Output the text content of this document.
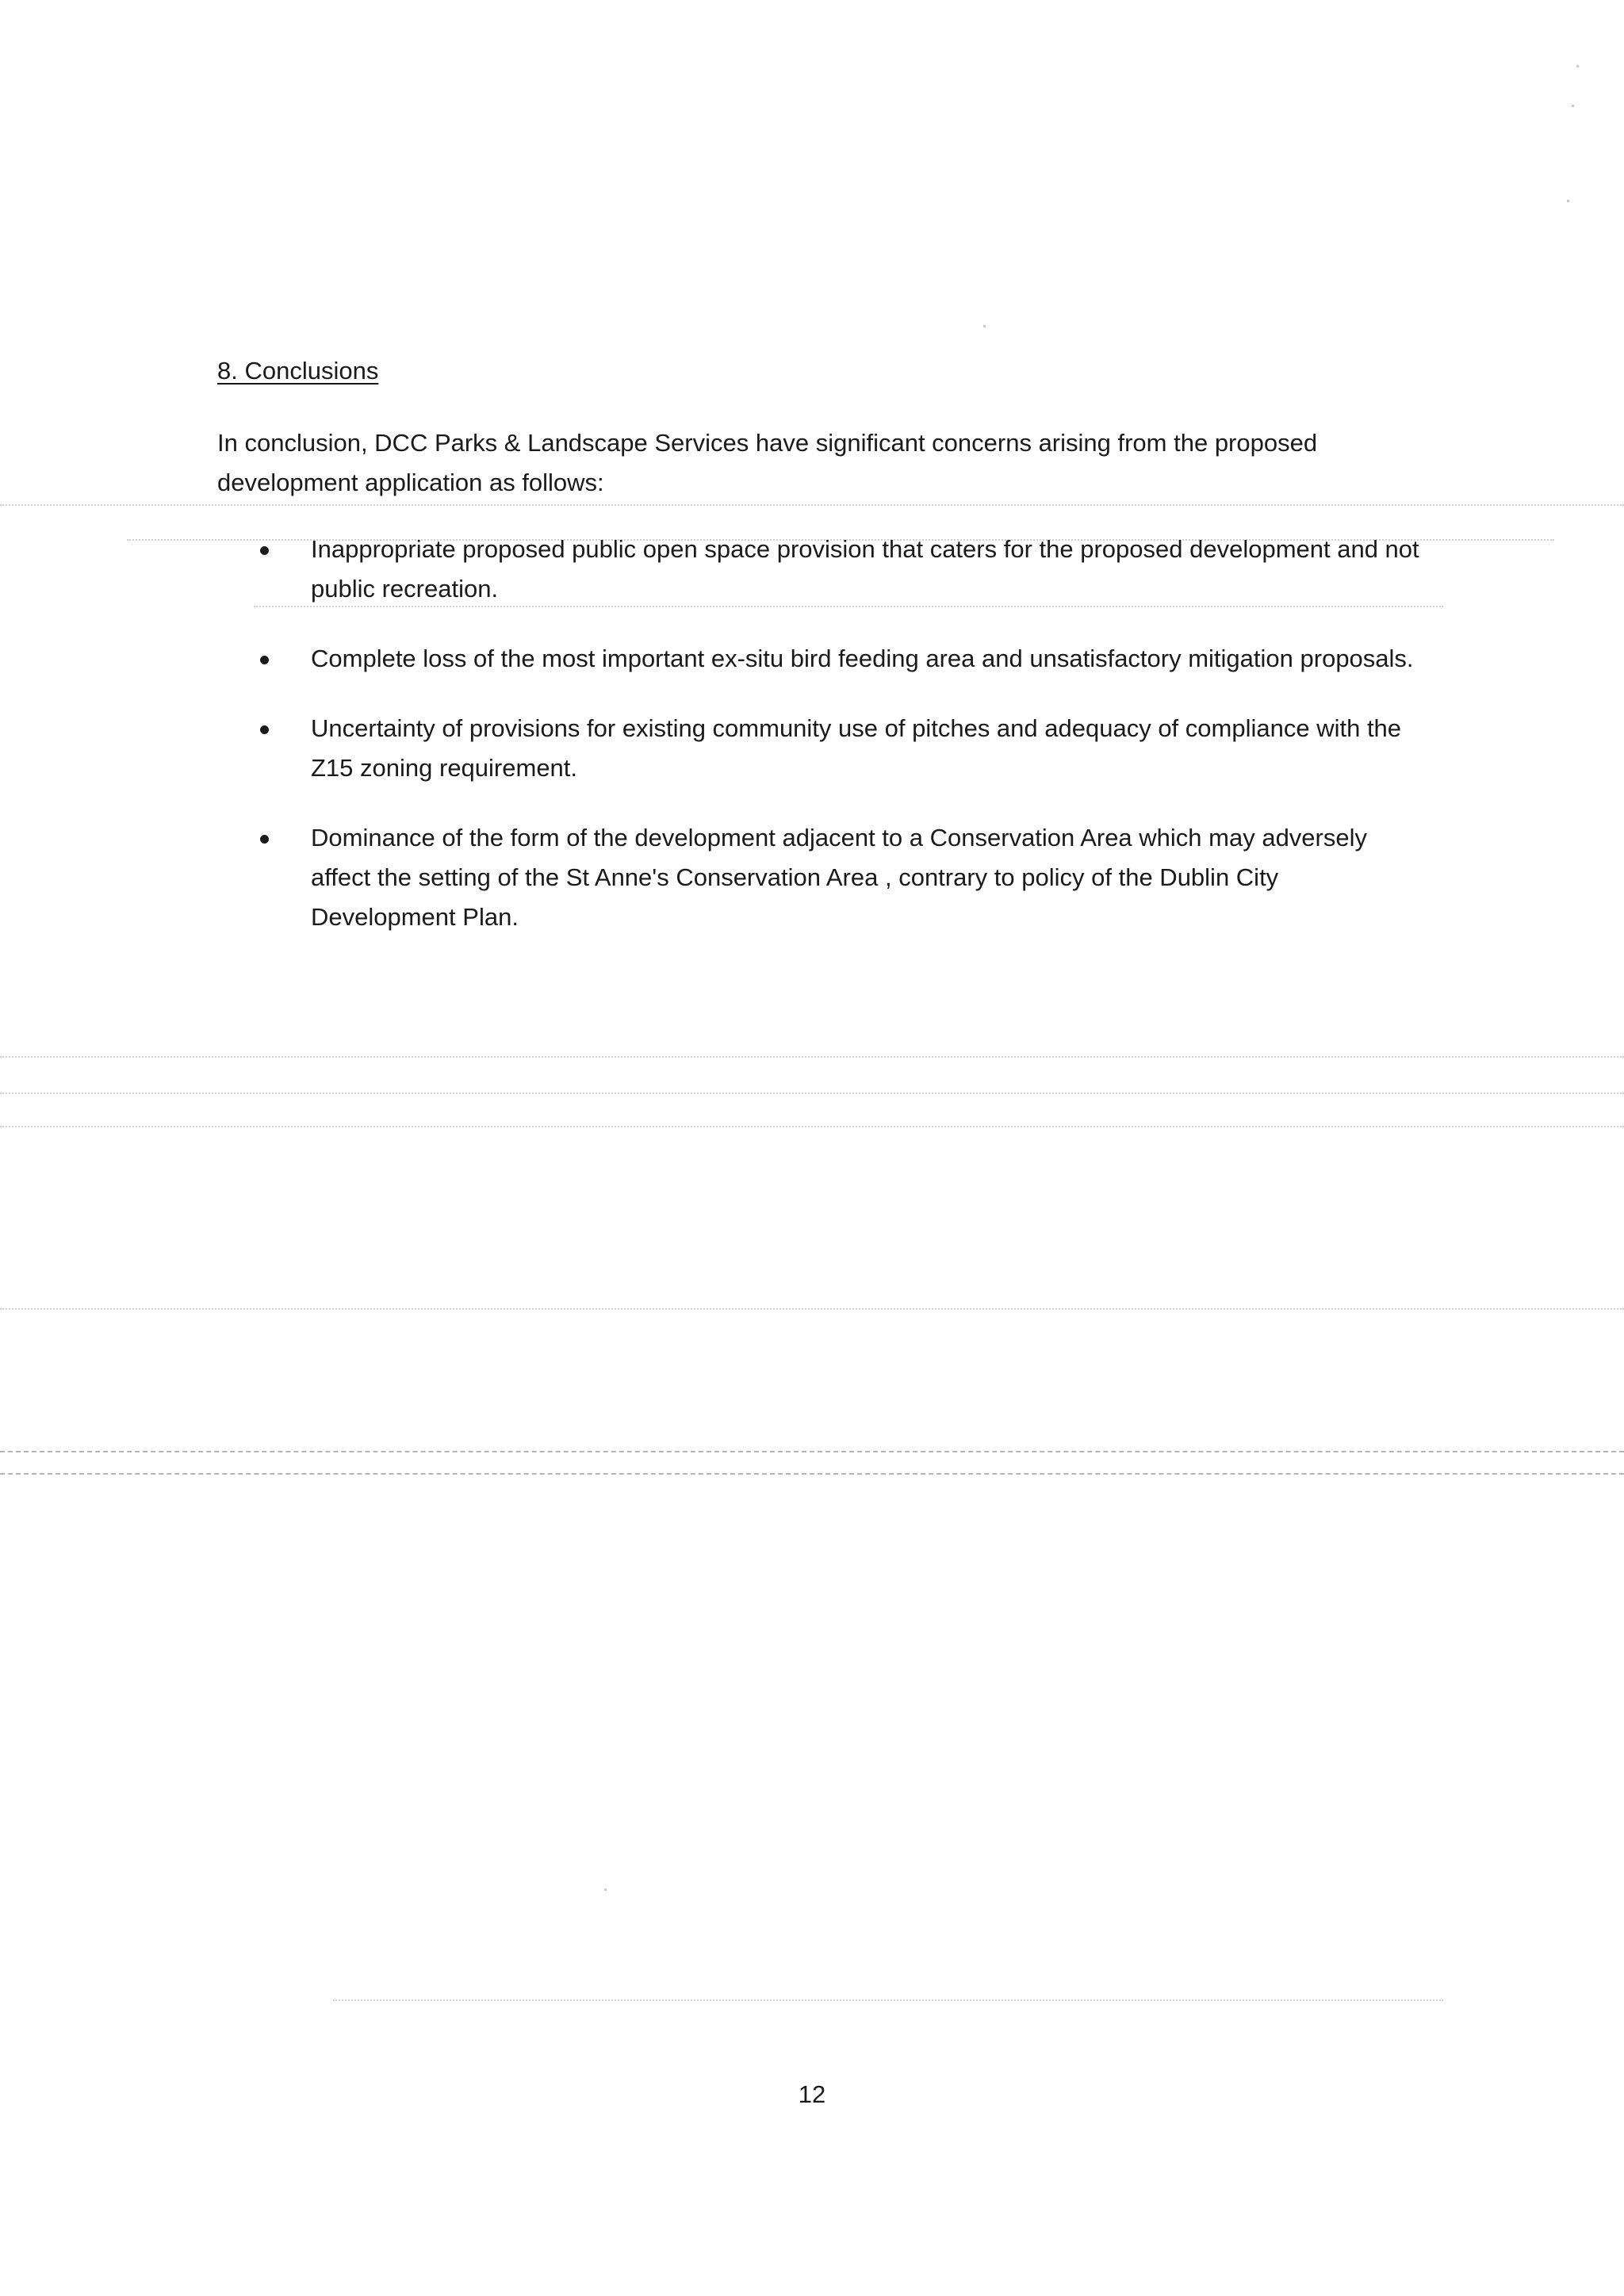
8. Conclusions

In conclusion, DCC Parks & Landscape Services have significant concerns arising from the proposed development application as follows:

Inappropriate proposed public open space provision that caters for the proposed development and not public recreation.
Complete loss of the most important ex-situ bird feeding area and unsatisfactory mitigation proposals.
Uncertainty of provisions for existing community use of pitches and adequacy of compliance with the Z15 zoning requirement.
Dominance of the form of the development adjacent to a Conservation Area which may adversely affect the setting of the St Anne's Conservation Area , contrary to policy of the Dublin City Development Plan.

12
